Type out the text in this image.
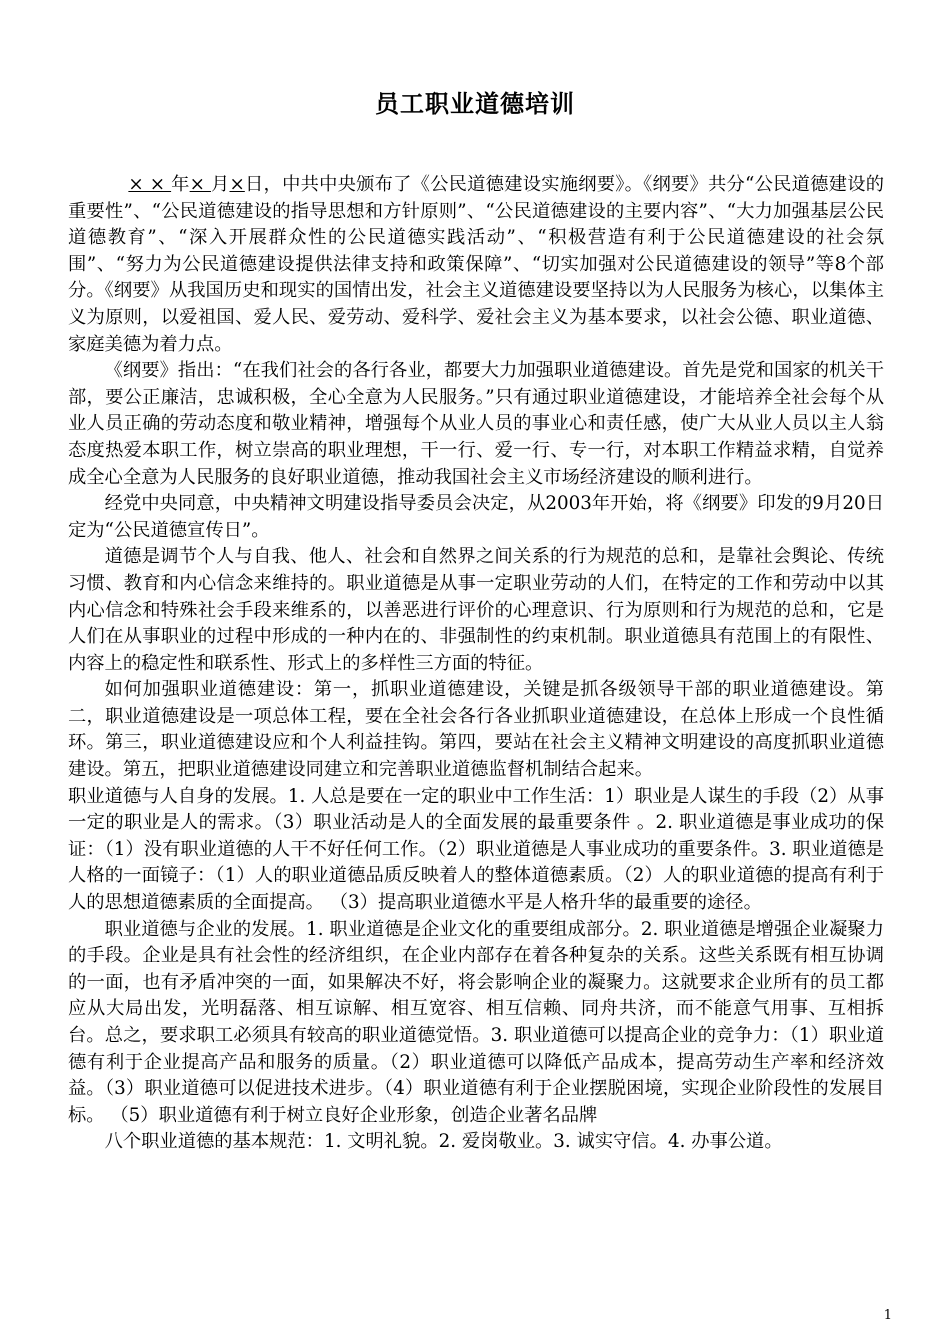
员工职业道德培训

× × 年× 月×日，中共中央颁布了《公民道德建设实施纲要》。《纲要》共分“公民道德建设的重要性”、“公民道德建设的指导思想和方针原则”、“公民道德建设的主要内容”、“大力加强基层公民道德教育”、“深入开展群众性的公民道德实践活动”、“积极营造有利于公民道德建设的社会氛围”、“努力为公民道德建设提供法律支持和政策保障”、“切实加强对公民道德建设的领导”等8个部分。《纲要》从我国历史和现实的国情出发，社会主义道德建设要坚持以为人民服务为核心，以集体主义为原则，以爱祖国、爱人民、爱劳动、爱科学、爱社会主义为基本要求，以社会公德、职业道德、家庭美德为着力点。

《纲要》指出：“在我们社会的各行各业，都要大力加强职业道德建设。首先是党和国家的机关干部，要公正廉洁，忠诚积极，全心全意为人民服务。”只有通过职业道德建设，才能培养全社会每个从业人员正确的劳动态度和敬业精神，增强每个从业人员的事业心和责任感，使广大从业人员以主人翁态度热爱本职工作，树立崇高的职业理想，干一行、爱一行、专一行，对本职工作精益求精，自觉养成全心全意为人民服务的良好职业道德，推动我国社会主义市场经济建设的顺利进行。

经党中央同意，中央精神文明建设指导委员会决定，从2003年开始，将《纲要》印发的9月20日定为“公民道德宣传日”。

道德是调节个人与自我、他人、社会和自然界之间关系的行为规范的总和，是靠社会舆论、传统习惯、教育和内心信念来维持的。职业道德是从事一定职业劳动的人们，在特定的工作和劳动中以其内心信念和特殊社会手段来维系的，以善恶进行评价的心理意识、行为原则和行为规范的总和，它是人们在从事职业的过程中形成的一种内在的、非强制性的约束机制。职业道德具有范围上的有限性、内容上的稳定性和联系性、形式上的多样性三方面的特征。

如何加强职业道德建设：第一，抓职业道德建设，关键是抓各级领导干部的职业道德建设。第二，职业道德建设是一项总体工程，要在全社会各行各业抓职业道德建设，在总体上形成一个良性循环。第三，职业道德建设应和个人利益挂钩。第四，要站在社会主义精神文明建设的高度抓职业道德建设。第五，把职业道德建设同建立和完善职业道德监督机制结合起来。

职业道德与人自身的发展。1. 人总是要在一定的职业中工作生活：1）职业是人谋生的手段（2）从事一定的职业是人的需求。（3）职业活动是人的全面发展的最重要条件 。2. 职业道德是事业成功的保证：（1）没有职业道德的人干不好任何工作。（2）职业道德是人事业成功的重要条件。3. 职业道德是人格的一面镜子：（1）人的职业道德品质反映着人的整体道德素质。（2）人的职业道德的提高有利于人的思想道德素质的全面提高。 （3）提高职业道德水平是人格升华的最重要的途径。

职业道德与企业的发展。1. 职业道德是企业文化的重要组成部分。2. 职业道德是增强企业凝聚力的手段。企业是具有社会性的经济组织，在企业内部存在着各种复杂的关系。这些关系既有相互协调的一面，也有矛盾冲突的一面，如果解决不好，将会影响企业的凝聚力。这就要求企业所有的员工都应从大局出发，光明磊落、相互谅解、相互宽容、相互信赖、同舟共济，而不能意气用事、互相拆台。总之，要求职工必须具有较高的职业道德觉悟。3. 职业道德可以提高企业的竞争力：（1）职业道德有利于企业提高产品和服务的质量。（2）职业道德可以降低产品成本，提高劳动生产率和经济效益。（3）职业道德可以促进技术进步。（4）职业道德有利于企业摆脱困境，实现企业阶段性的发展目标。 （5）职业道德有利于树立良好企业形象，创造企业著名品牌

八个职业道德的基本规范：1. 文明礼貌。2. 爱岗敬业。3. 诚实守信。4. 办事公道。

1
